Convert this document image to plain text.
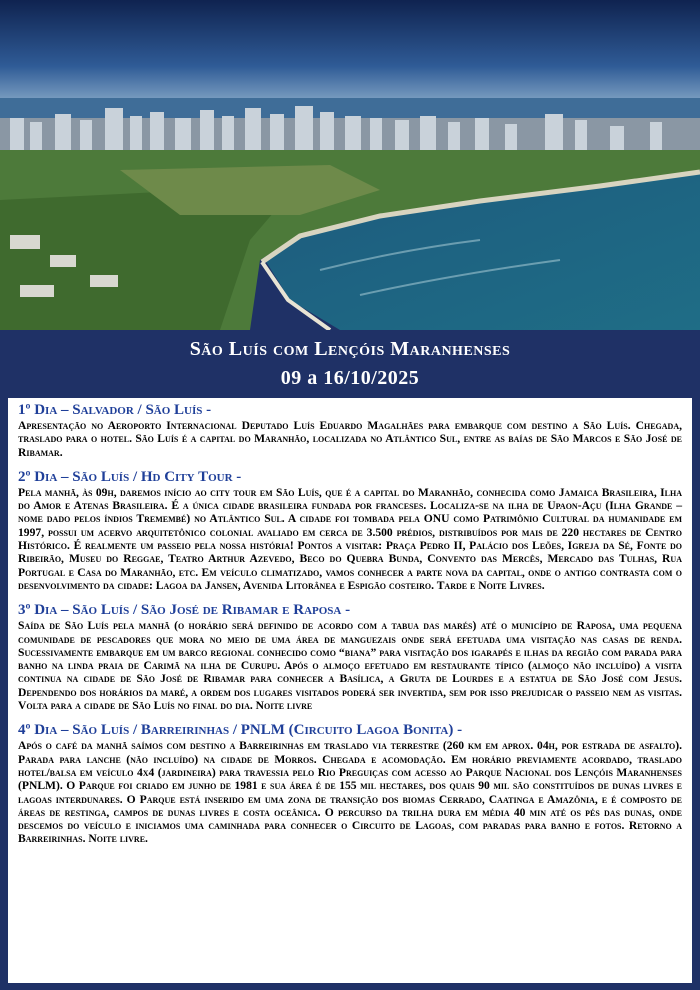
São Luís com Lençóis Maranhenses
09 a 16/10/2025
1º Dia – Salvador / São Luís -
Apresentação no Aeroporto Internacional Deputado Luís Eduardo Magalhães para embarque com destino a São Luís. Chegada, traslado para o hotel. São Luís é a capital do Maranhão, localizada no Atlântico Sul, entre as baías de São Marcos e São José de Ribamar.
2º Dia – São Luís / Hd City Tour -
Pela manhã, às 09h, daremos início ao city tour em São Luís, que é a capital do Maranhão, conhecida como Jamaica Brasileira, Ilha do Amor e Atenas Brasileira. É a única cidade brasileira fundada por franceses. Localiza-se na ilha de Upaon-Açu (Ilha Grande – nome dado pelos índios Tremembé) no Atlântico Sul. A cidade foi tombada pela ONU como Patrimônio Cultural da humanidade em 1997, possui um acervo arquitetônico colonial avaliado em cerca de 3.500 prédios, distribuídos por mais de 220 hectares de Centro Histórico. É realmente um passeio pela nossa história! Pontos a visitar: Praça Pedro II, Palácio dos Leões, Igreja da Sé, Fonte do Ribeirão, Museu do Reggae, Teatro Arthur Azevedo, Beco do Quebra Bunda, Convento das Mercês, Mercado das Tulhas, Rua Portugal e Casa do Maranhão, etc. Em veículo climatizado, vamos conhecer a parte nova da capital, onde o antigo contrasta com o desenvolvimento da cidade: Lagoa da Jansen, Avenida Litorânea e Espigão costeiro. Tarde e Noite Livres.
3º Dia – São Luís / São José de Ribamar e Raposa -
Saída de São Luís pela manhã (o horário será definido de acordo com a tabua das marés) até o município de Raposa, uma pequena comunidade de pescadores que mora no meio de uma área de manguezais onde será efetuada uma visitação nas casas de renda. Sucessivamente embarque em um barco regional conhecido como “biana” para visitação dos igarapés e ilhas da região com parada para banho na linda praia de Carimã na ilha de Curupu. Após o almoço efetuado em restaurante típico (almoço não incluído) a visita continua na cidade de São José de Ribamar para conhecer a Basílica, a Gruta de Lourdes e a estatua de São José com Jesus. Dependendo dos horários da maré, a ordem dos lugares visitados poderá ser invertida, sem por isso prejudicar o passeio nem as visitas. Volta para a cidade de São Luís no final do dia. Noite livre
4º Dia – São Luís / Barreirinhas / PNLM (Circuito Lagoa Bonita) -
Após o café da manhã saímos com destino a Barreirinhas em traslado via terrestre (260 km em aprox. 04h, por estrada de asfalto). Parada para lanche (não incluído) na cidade de Morros. Chegada e acomodação. Em horário previamente acordado, traslado hotel/balsa em veículo 4x4 (jardineira) para travessia pelo Rio Preguiças com acesso ao Parque Nacional dos Lençóis Maranhenses (PNLM). O Parque foi criado em junho de 1981 e sua área é de 155 mil hectares, dos quais 90 mil são constituídos de dunas livres e lagoas interdunares. O Parque está inserido em uma zona de transição dos biomas Cerrado, Caatinga e Amazônia, e é composto de áreas de restinga, campos de dunas livres e costa oceânica. O percurso da trilha dura em média 40 min até os pés das dunas, onde descemos do veículo e iniciamos uma caminhada para conhecer o Circuito de Lagoas, com paradas para banho e fotos. Retorno a Barreirinhas. Noite livre.
